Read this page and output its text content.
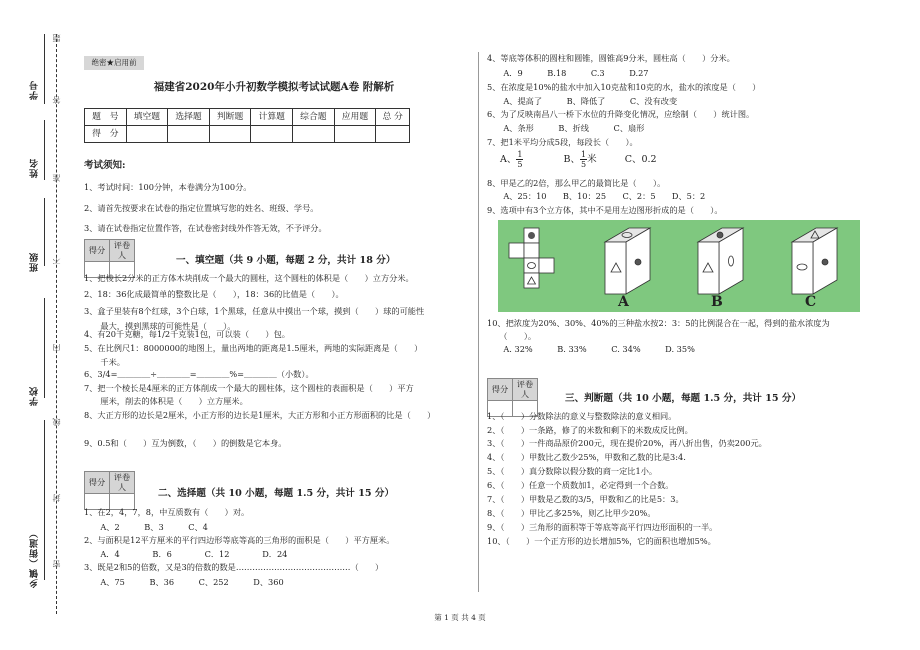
学号
姓名
班级
学校
乡镇（街道）
题
答
准
不
内
线
封
密
绝密★启用前
福建省2020年小升初数学模拟考试试题A卷 附解析
题　号	填空题	选择题	判断题	计算题	综合题	应用题	总 分
得　分							
考试须知:
1、考试时间：100分钟，本卷满分为100分。
2、请首先按要求在试卷的指定位置填写您的姓名、班级、学号。
3、请在试卷指定位置作答，在试卷密封线外作答无效，不予评分。
得分	评卷人
		一、填空题（共 9 小题，每题 2 分，共计 18 分）
1、把棱长2分米的正方体木块削成一个最大的圆柱，这个圆柱的体积是（　　）立方分米。
2、18：36化成最简单的整数比是（　　），18：36的比值是（　　）。
3、盒子里装有8个红球，3个白球，1个黑球，任意从中摸出一个球，摸到（　　）球的可能性
　　最大，摸到黑球的可能性是（　　）。
4、有20千克糖，每1/2千克装1包，可以装（　　）包。
5、在比例尺1：8000000的地图上，量出两地的距离是1.5厘米，两地的实际距离是（　　）
　　千米。
6、3/4=＿＿＿＿÷＿＿＿＿=＿＿＿＿%=＿＿＿＿（小数）。
7、把一个棱长是4厘米的正方体削成一个最大的圆柱体，这个圆柱的表面积是（　　）平方
　　厘米，削去的体积是（　　）立方厘米。
8、大正方形的边长是2厘米，小正方形的边长是1厘米，大正方形和小正方形面积的比是（　　）
9、0.5和（　　）互为倒数，（　　）的倒数是它本身。
得分	评卷人

二、选择题（共 10 小题，每题 1.5 分，共计 15 分）
1、在2，4，7，8，中互质数有（　　）对。
　　A、2　　　B、3　　　C、4
2、与面积是12平方厘米的平行四边形等底等高的三角形的面积是（　　）平方厘米。
　　A．4　　　　B．6　　　　C．12　　　　D．24
3、既是2和5的倍数，又是3的倍数的数是……………………………………（　　）
　　A、75　　　B、36　　　C、252　　　D、360
4、等底等体积的圆柱和圆锥，圆锥高9分米，圆柱高（　　）分米。
　　A．9　　　B.18　　　C.3　　　D.27
5、在浓度是10%的盐水中加入10克盐和10克的水，盐水的浓度是（　　）
　　A、提高了　　　B、降低了　　　C、没有改变
6、为了反映南昌八一桥下水位的升降变化情况，应绘制（　　）统计图。
　　A、条形　　　B、折线　　　C、扇形
7、把1米平均分成5段，每段长（　　）。
A、 $\frac{1}{5}$	B、 $\frac{1}{5}$ 米	C、0.2
8、甲是乙的2倍，那么甲乙的最简比是（　　）。
　　A、25：10　　B、10：25　　C、2：5　　D、5：2
9、选项中有3个立方体，其中不是用左边图形折成的是（　　）。
A	B	C
10、把浓度为20%、30%、40%的三种盐水按2：3：5的比例混合在一起，得到的盐水浓度为
　　（　　）。
　　A. 32%　　　B. 33%　　　C. 34%　　　D. 35%
得分	评卷人
		三、判断题（共 10 小题，每题 1.5 分，共计 15 分）
1、（　　）分数除法的意义与整数除法的意义相同。
2、（　　）一条路，修了的米数和剩下的米数成反比例。
3、（　　）一件商品原价200元，现在提价20%，再八折出售，仍卖200元。
4、（　　）甲数比乙数少25%，甲数和乙数的比是3:4.
5、（　　）真分数除以假分数的商一定比1小。
6、（　　）任意一个质数加1，必定得到一个合数。
7、（　　）甲数是乙数的3/5，甲数和乙的比是5：3。
8、（　　）甲比乙多25%，则乙比甲少20%。
9、（　　）三角形的面积等于等底等高平行四边形面积的一半。
10、（　　）一个正方形的边长增加5%，它的面积也增加5%。
第 1 页 共 4 页
